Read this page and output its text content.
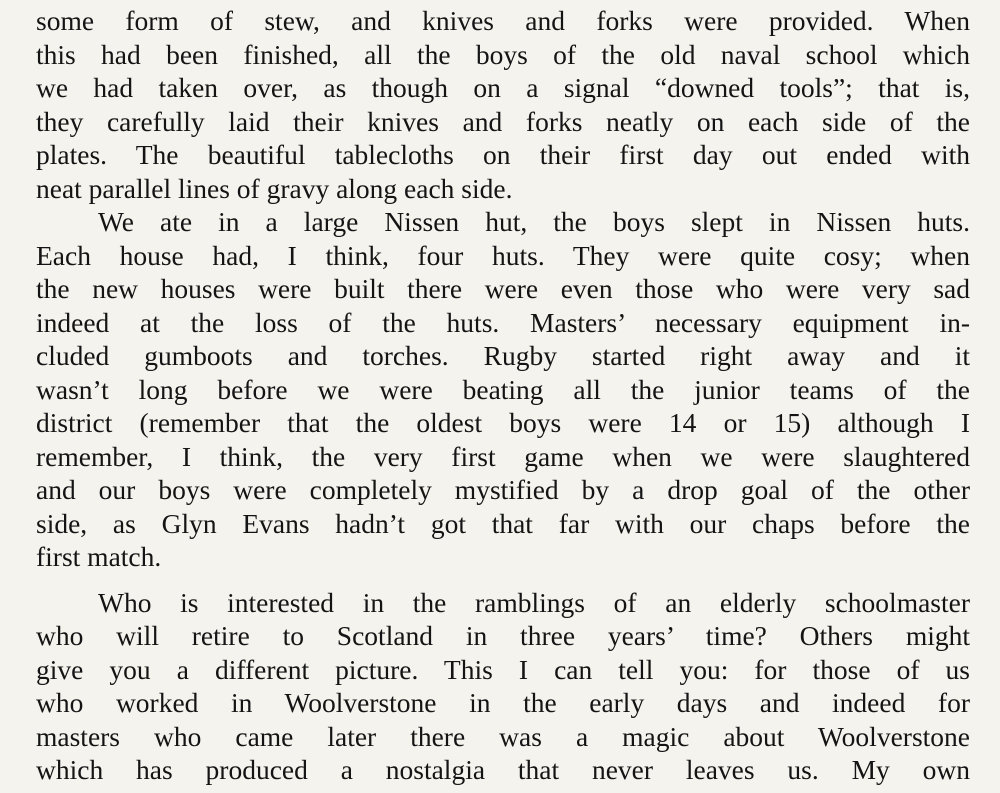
some form of stew, and knives and forks were provided. When
this had been finished, all the boys of the old naval school which
we had taken over, as though on a signal “downed tools”; that is,
they carefully laid their knives and forks neatly on each side of the
plates. The beautiful tablecloths on their first day out ended with
neat parallel lines of gravy along each side.
We ate in a large Nissen hut, the boys slept in Nissen huts.
Each house had, I think, four huts. They were quite cosy; when
the new houses were built there were even those who were very sad
indeed at the loss of the huts. Masters’ necessary equipment in-
cluded gumboots and torches. Rugby started right away and it
wasn’t long before we were beating all the junior teams of the
district (remember that the oldest boys were 14 or 15) although I
remember, I think, the very first game when we were slaughtered
and our boys were completely mystified by a drop goal of the other
side, as Glyn Evans hadn’t got that far with our chaps before the
first match.
Who is interested in the ramblings of an elderly schoolmaster
who will retire to Scotland in three years’ time? Others might
give you a different picture. This I can tell you: for those of us
who worked in Woolverstone in the early days and indeed for
masters who came later there was a magic about Woolverstone
which has produced a nostalgia that never leaves us. My own
